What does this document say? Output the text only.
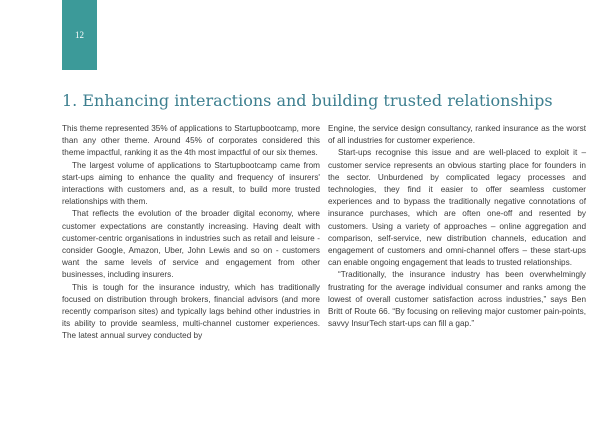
12
1. Enhancing interactions and building trusted relationships

This theme represented 35% of applications to Startupbootcamp, more than any other theme. Around 45% of corporates considered this theme impactful, ranking it as the 4th most impactful of our six themes.

The largest volume of applications to Startupbootcamp came from start-ups aiming to enhance the quality and frequency of insurers' interactions with customers and, as a result, to build more trusted relationships with them.

That reflects the evolution of the broader digital economy, where customer expectations are constantly increasing. Having dealt with customer-centric organisations in industries such as retail and leisure - consider Google, Amazon, Uber, John Lewis and so on - customers want the same levels of service and engagement from other businesses, including insurers.

This is tough for the insurance industry, which has traditionally focused on distribution through brokers, financial advisors (and more recently comparison sites) and typically lags behind other industries in its ability to provide seamless, multi-channel customer experiences. The latest annual survey conducted by

Engine, the service design consultancy, ranked insurance as the worst of all industries for customer experience.

Start-ups recognise this issue and are well-placed to exploit it – customer service represents an obvious starting place for founders in the sector. Unburdened by complicated legacy processes and technologies, they find it easier to offer seamless customer experiences and to bypass the traditionally negative connotations of insurance purchases, which are often one-off and resented by customers. Using a variety of approaches – online aggregation and comparison, self-service, new distribution channels, education and engagement of customers and omni-channel offers – these start-ups can enable ongoing engagement that leads to trusted relationships.

“Traditionally, the insurance industry has been overwhelmingly frustrating for the average individual consumer and ranks among the lowest of overall customer satisfaction across industries,” says Ben Britt of Route 66. “By focusing on relieving major customer pain-points, savvy InsurTech start-ups can fill a gap.”
